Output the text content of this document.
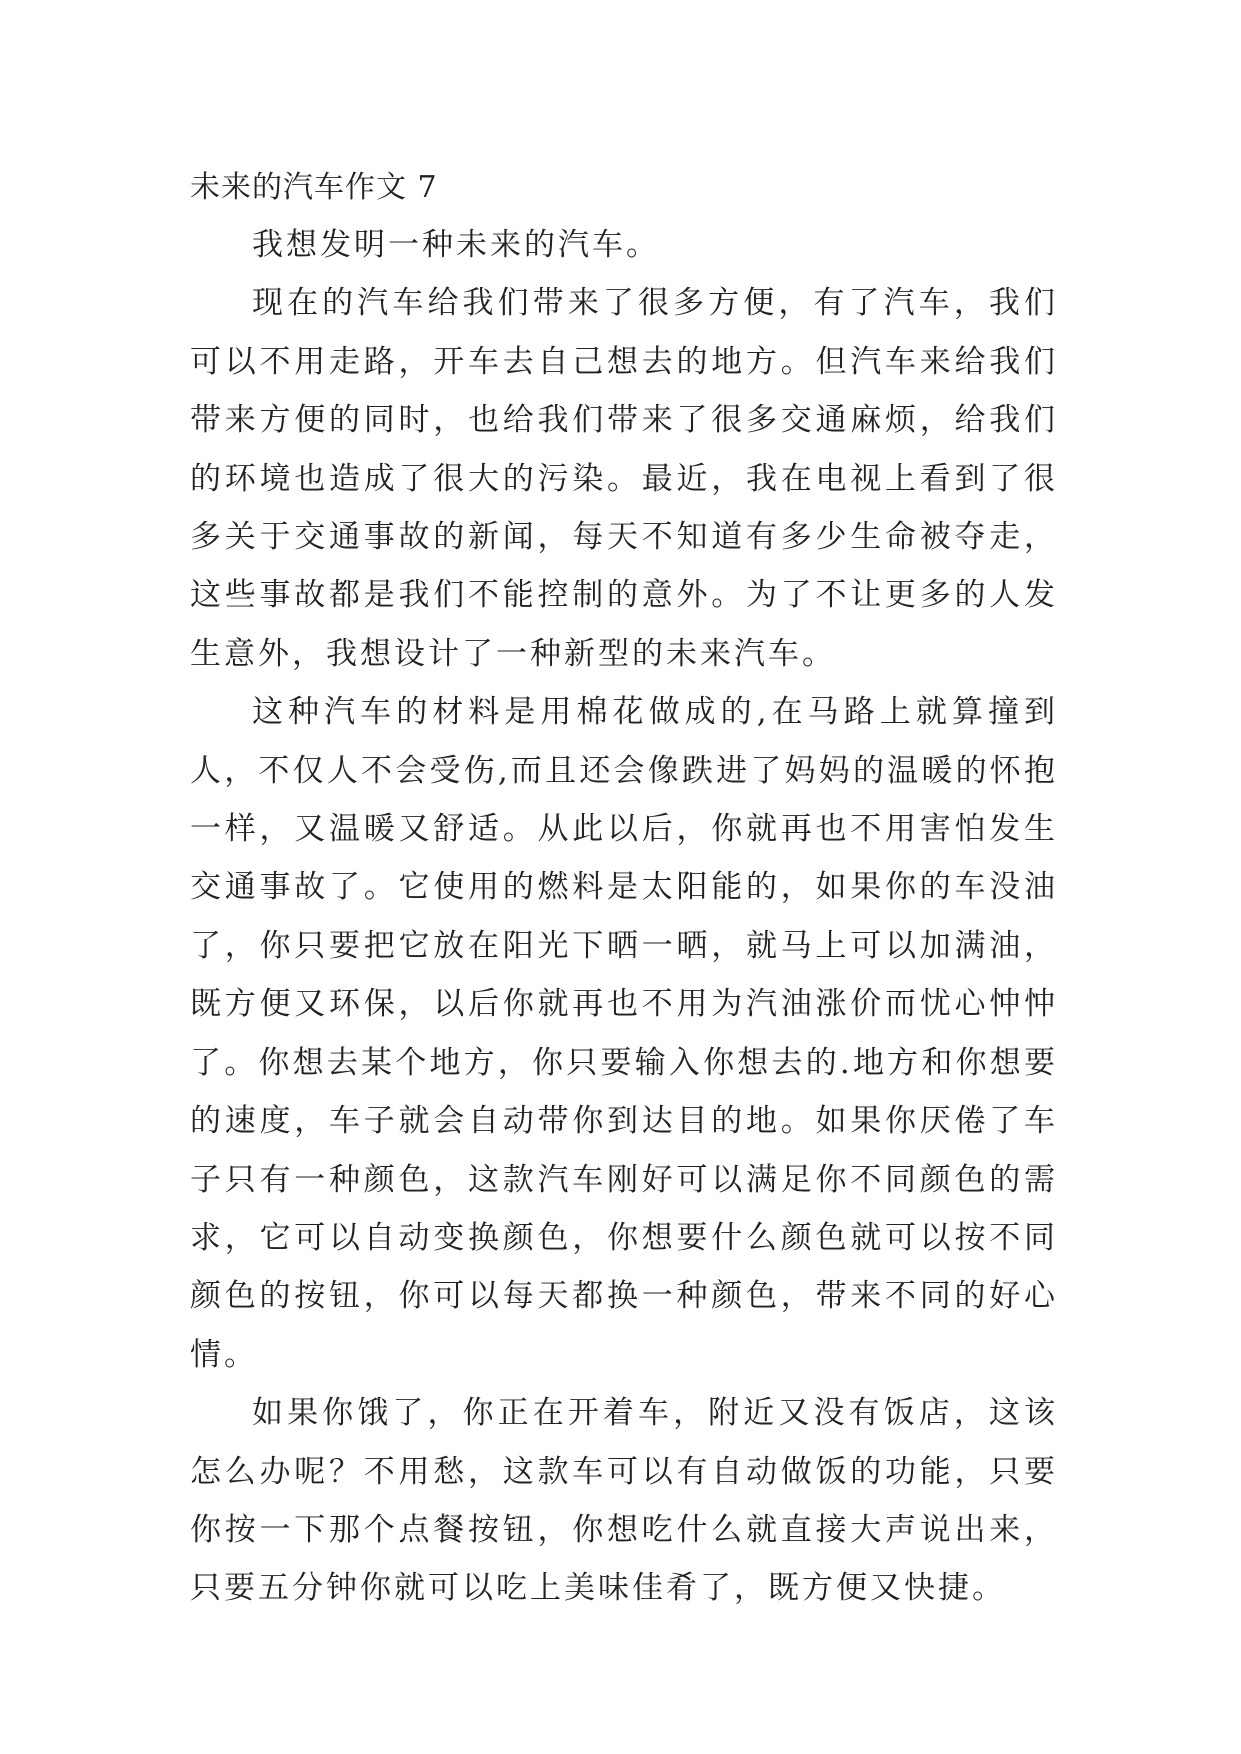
未来的汽车作文 7

我想发明一种未来的汽车。

现在的汽车给我们带来了很多方便，有了汽车，我们可以不用走路，开车去自己想去的地方。但汽车来给我们带来方便的同时，也给我们带来了很多交通麻烦，给我们的环境也造成了很大的污染。最近，我在电视上看到了很多关于交通事故的新闻，每天不知道有多少生命被夺走，这些事故都是我们不能控制的意外。为了不让更多的人发生意外，我想设计了一种新型的未来汽车。

这种汽车的材料是用棉花做成的,在马路上就算撞到人，不仅人不会受伤,而且还会像跌进了妈妈的温暖的怀抱一样，又温暖又舒适。从此以后，你就再也不用害怕发生交通事故了。它使用的燃料是太阳能的，如果你的车没油了，你只要把它放在阳光下晒一晒，就马上可以加满油，既方便又环保，以后你就再也不用为汽油涨价而忧心忡忡了。你想去某个地方，你只要输入你想去的.地方和你想要的速度，车子就会自动带你到达目的地。如果你厌倦了车子只有一种颜色，这款汽车刚好可以满足你不同颜色的需求，它可以自动变换颜色，你想要什么颜色就可以按不同颜色的按钮，你可以每天都换一种颜色，带来不同的好心情。

如果你饿了，你正在开着车，附近又没有饭店，这该怎么办呢？不用愁，这款车可以有自动做饭的功能，只要你按一下那个点餐按钮，你想吃什么就直接大声说出来，只要五分钟你就可以吃上美味佳肴了，既方便又快捷。
